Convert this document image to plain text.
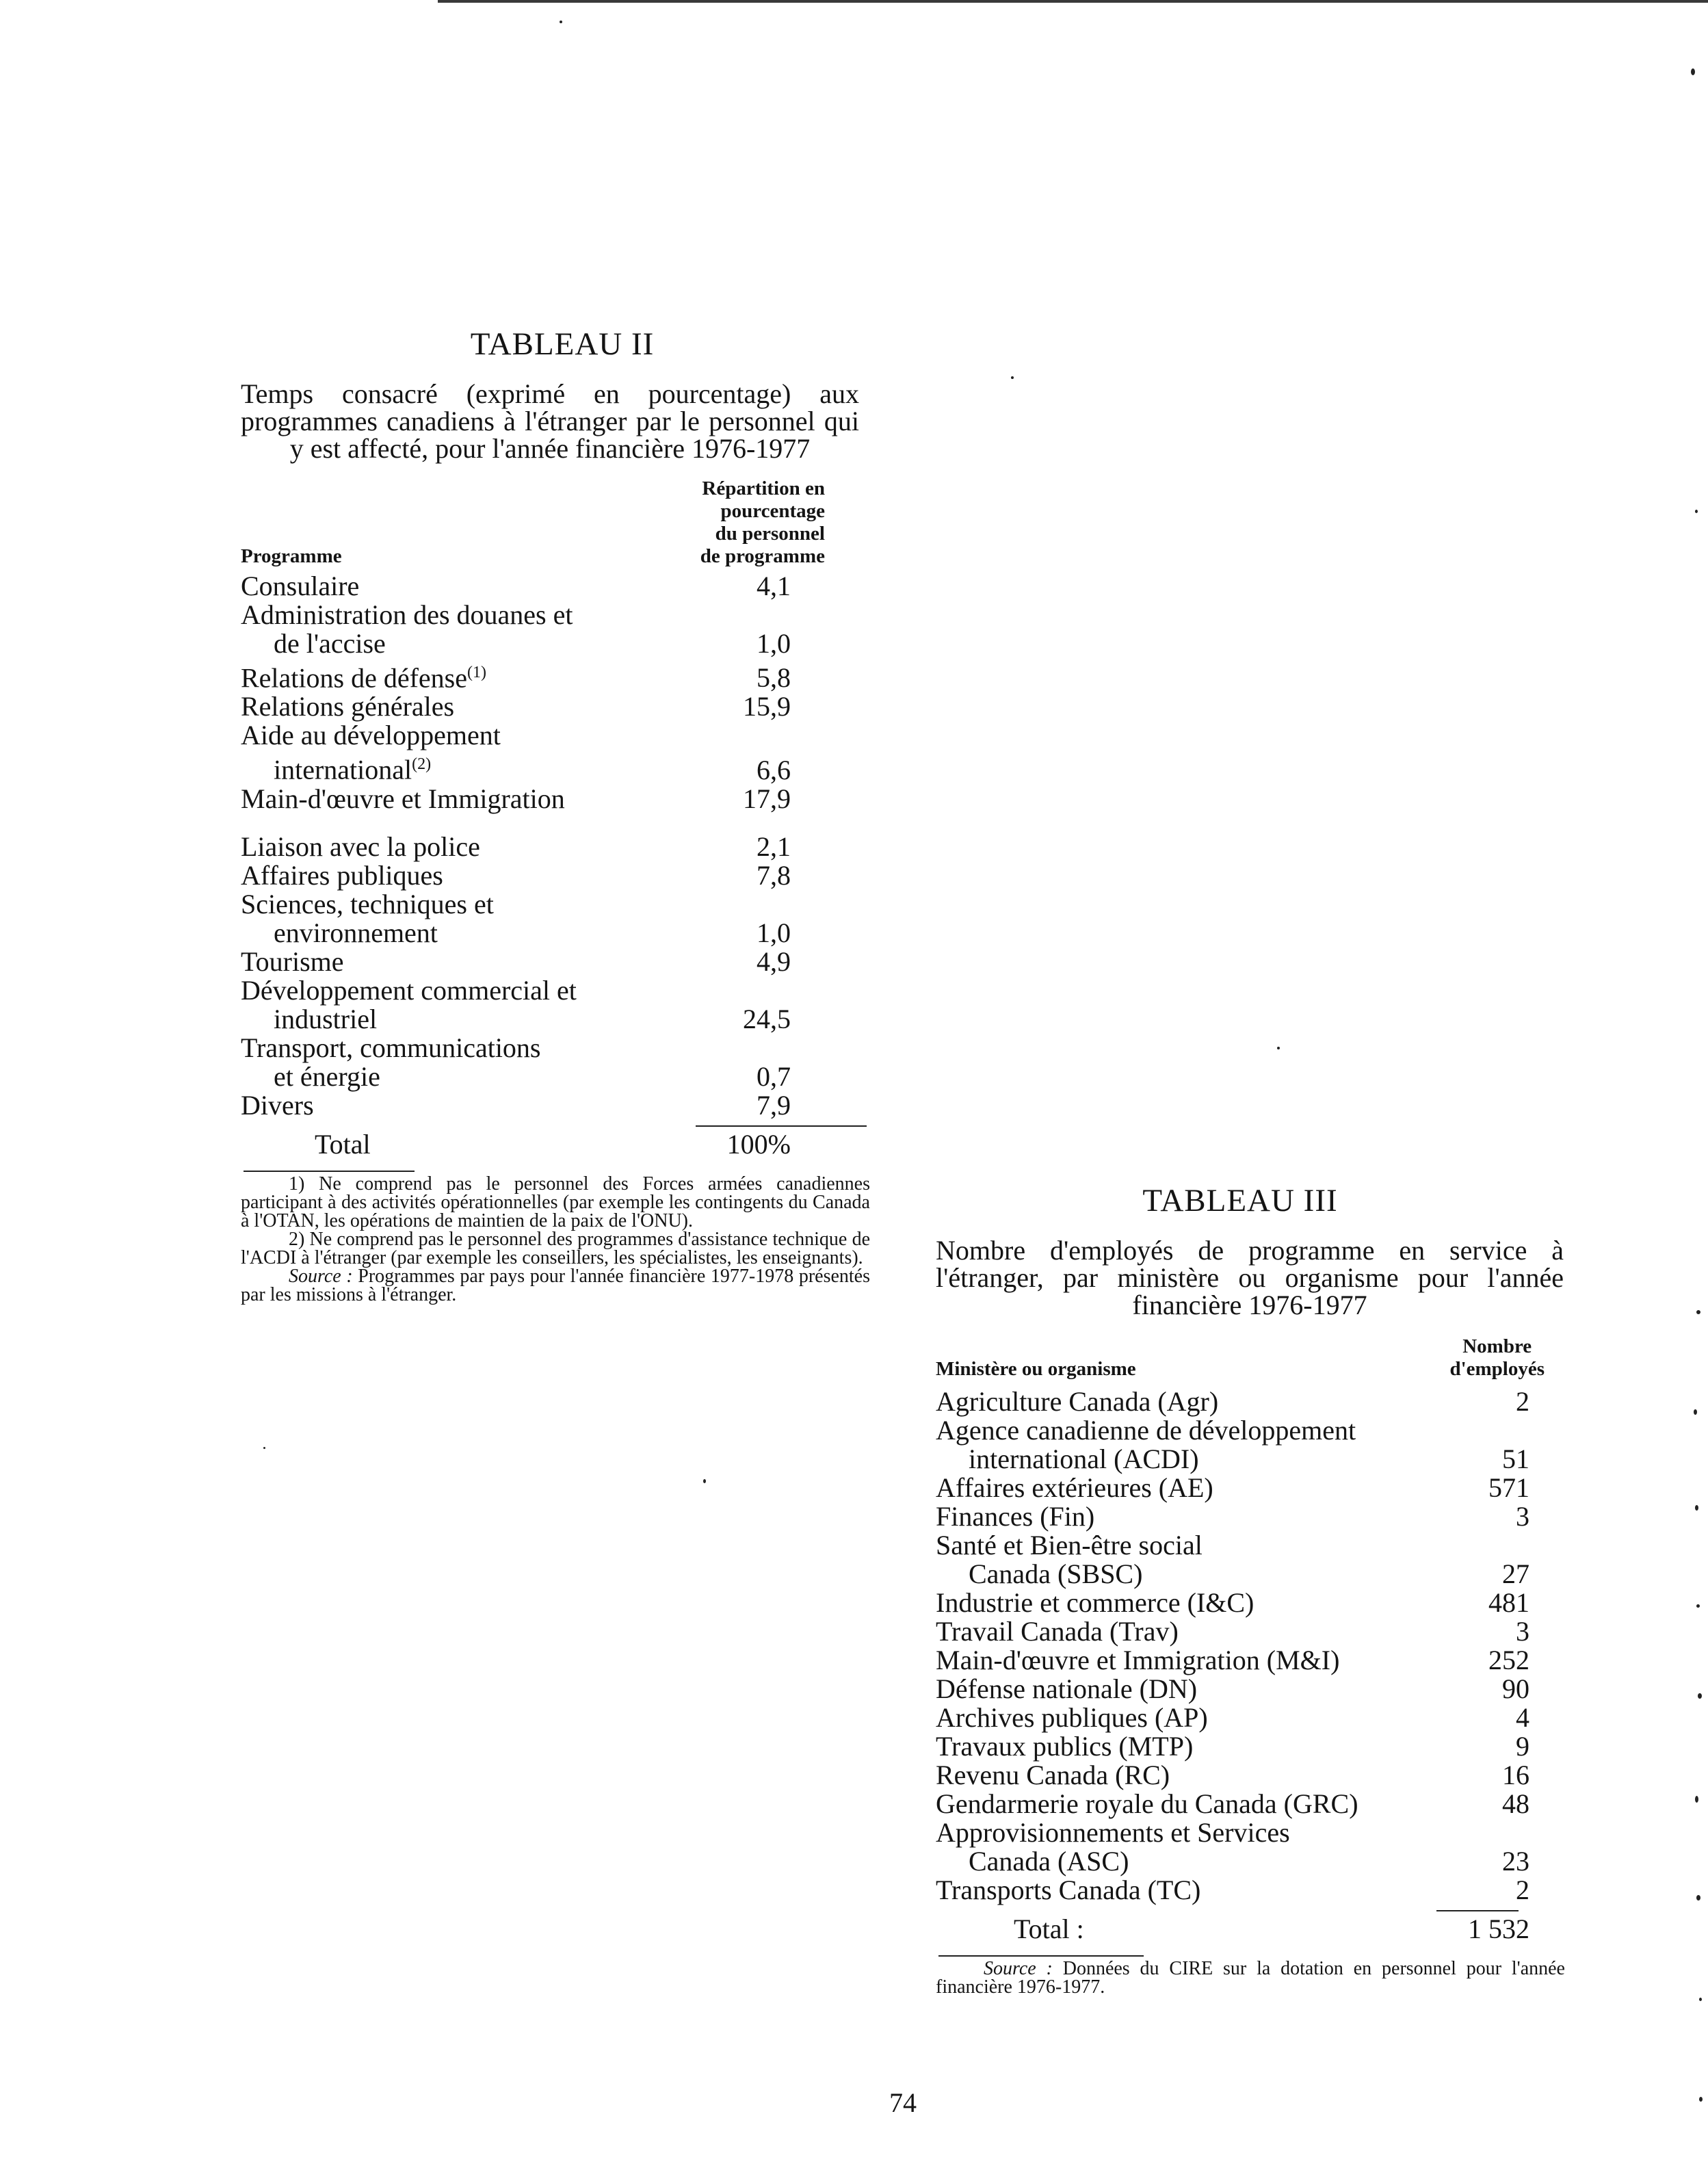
TABLEAU II
Temps consacré (exprimé en pourcentage) aux programmes canadiens à l'étranger par le personnel qui y est affecté, pour l'année financière 1976-1977
Programme
Répartition en
pourcentage
du personnel
de programme
Consulaire	4,1
Administration des douanes et
de l'accise	1,0
Relations de défense$^{(1)}$	5,8
Relations générales	15,9
Aide au développement
international$^{(2)}$	6,6
Main-d'œuvre et Immigration	17,9
Liaison avec la police	2,1
Affaires publiques	7,8
Sciences, techniques et
environnement	1,0
Tourisme	4,9
Développement commercial et
industriel	24,5
Transport, communications
et énergie	0,7
Divers	7,9
Total	100%

1) Ne comprend pas le personnel des Forces armées canadiennes participant à des activités opérationnelles (par exemple les contingents du Canada à l'OTAN, les opérations de maintien de la paix de l'ONU).

2) Ne comprend pas le personnel des programmes d'assistance technique de l'ACDI à l'étranger (par exemple les conseillers, les spécialistes, les enseignants).

Source : Programmes par pays pour l'année financière 1977-1978 présentés par les missions à l'étranger.

TABLEAU III
Nombre d'employés de programme en service à l'étranger, par ministère ou organisme pour l'année financière 1976-1977
Ministère ou organisme
Nombre
d'employés
Agriculture Canada (Agr)	2
Agence canadienne de développement
international (ACDI)	51
Affaires extérieures (AE)	571
Finances (Fin)	3
Santé et Bien-être social
Canada (SBSC)	27
Industrie et commerce (I&C)	481
Travail Canada (Trav)	3
Main-d'œuvre et Immigration (M&I)	252
Défense nationale (DN)	90
Archives publiques (AP)	4
Travaux publics (MTP)	9
Revenu Canada (RC)	16
Gendarmerie royale du Canada (GRC)	48
Approvisionnements et Services
Canada (ASC)	23
Transports Canada (TC)	2
Total :	1 532

Source : Données du CIRE sur la dotation en personnel pour l'année financière 1976-1977.

74
